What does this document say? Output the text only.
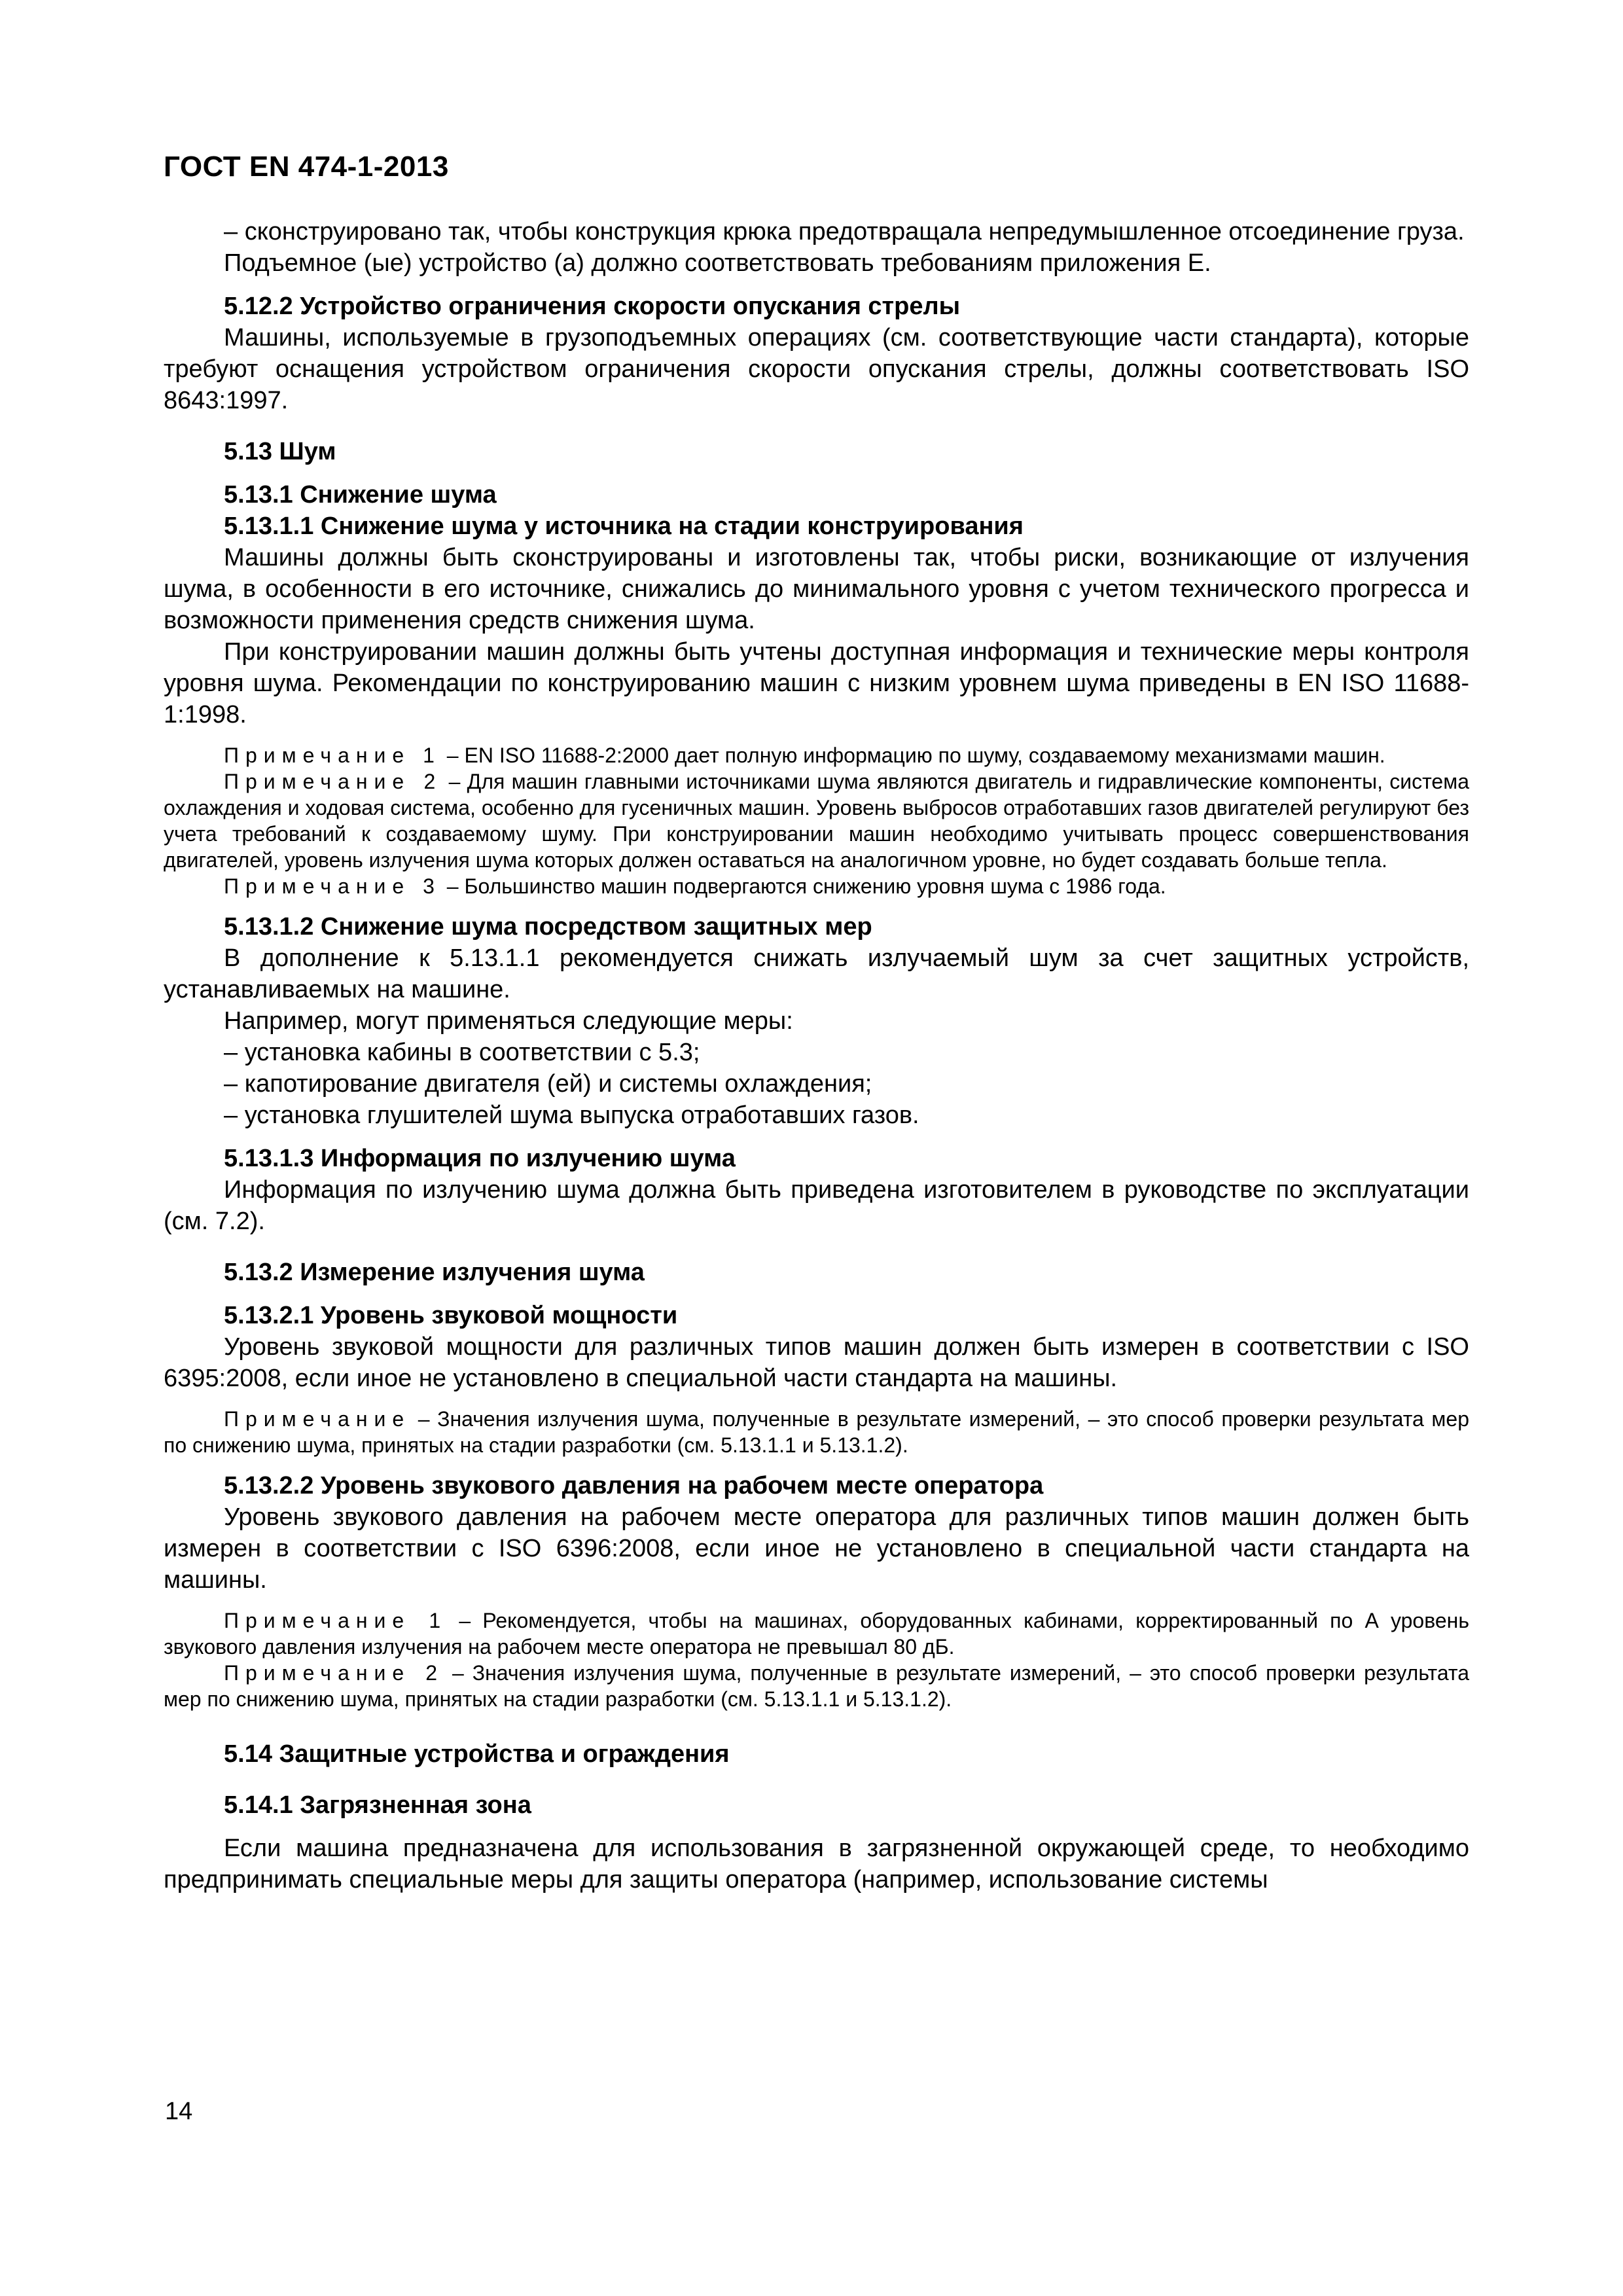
ГОСТ EN 474-1-2013

– сконструировано так, чтобы конструкция крюка предотвращала непредумышленное отсоединение груза.

Подъемное (ые) устройство (а) должно соответствовать требованиям приложения Е.

5.12.2 Устройство ограничения скорости опускания стрелы

Машины, используемые в грузоподъемных операциях (см. соответствующие части стандарта), которые требуют оснащения устройством ограничения скорости опускания стрелы, должны соответствовать ISO 8643:1997.

5.13 Шум

5.13.1 Снижение шума

5.13.1.1 Снижение шума у источника на стадии конструирования

Машины должны быть сконструированы и изготовлены так, чтобы риски, возникающие от излучения шума, в особенности в его источнике, снижались до минимального уровня с учетом технического прогресса и возможности применения средств снижения шума.

При конструировании машин должны быть учтены доступная информация и технические меры контроля уровня шума. Рекомендации по конструированию машин с низким уровнем шума приведены в EN ISO 11688-1:1998.

Примечание 1 – EN ISO 11688-2:2000 дает полную информацию по шуму, создаваемому механизмами машин.

Примечание 2 – Для машин главными источниками шума являются двигатель и гидравлические компоненты, система охлаждения и ходовая система, особенно для гусеничных машин. Уровень выбросов отработавших газов двигателей регулируют без учета требований к создаваемому шуму. При конструировании машин необходимо учитывать процесс совершенствования двигателей, уровень излучения шума которых должен оставаться на аналогичном уровне, но будет создавать больше тепла.

Примечание 3 – Большинство машин подвергаются снижению уровня шума с 1986 года.

5.13.1.2 Снижение шума посредством защитных мер

В дополнение к 5.13.1.1 рекомендуется снижать излучаемый шум за счет защитных устройств, устанавливаемых на машине.

Например, могут применяться следующие меры:

– установка кабины в соответствии с 5.3;

– капотирование двигателя (ей) и системы охлаждения;

– установка глушителей шума выпуска отработавших газов.

5.13.1.3 Информация по излучению шума

Информация по излучению шума должна быть приведена изготовителем в руководстве по эксплуатации (см. 7.2).

5.13.2 Измерение излучения шума

5.13.2.1 Уровень звуковой мощности

Уровень звуковой мощности для различных типов машин должен быть измерен в соответствии с ISO 6395:2008, если иное не установлено в специальной части стандарта на машины.

Примечание – Значения излучения шума, полученные в результате измерений, – это способ проверки результата мер по снижению шума, принятых на стадии разработки (см. 5.13.1.1 и 5.13.1.2).

5.13.2.2 Уровень звукового давления на рабочем месте оператора

Уровень звукового давления на рабочем месте оператора для различных типов машин должен быть измерен в соответствии с ISO 6396:2008, если иное не установлено в специальной части стандарта на машины.

Примечание 1 – Рекомендуется, чтобы на машинах, оборудованных кабинами, корректированный по А уровень звукового давления излучения на рабочем месте оператора не превышал 80 дБ.

Примечание 2 – Значения излучения шума, полученные в результате измерений, – это способ проверки результата мер по снижению шума, принятых на стадии разработки (см. 5.13.1.1 и 5.13.1.2).

5.14 Защитные устройства и ограждения

5.14.1 Загрязненная зона

Если машина предназначена для использования в загрязненной окружающей среде, то необходимо предпринимать специальные меры для защиты оператора (например, использование системы

14
